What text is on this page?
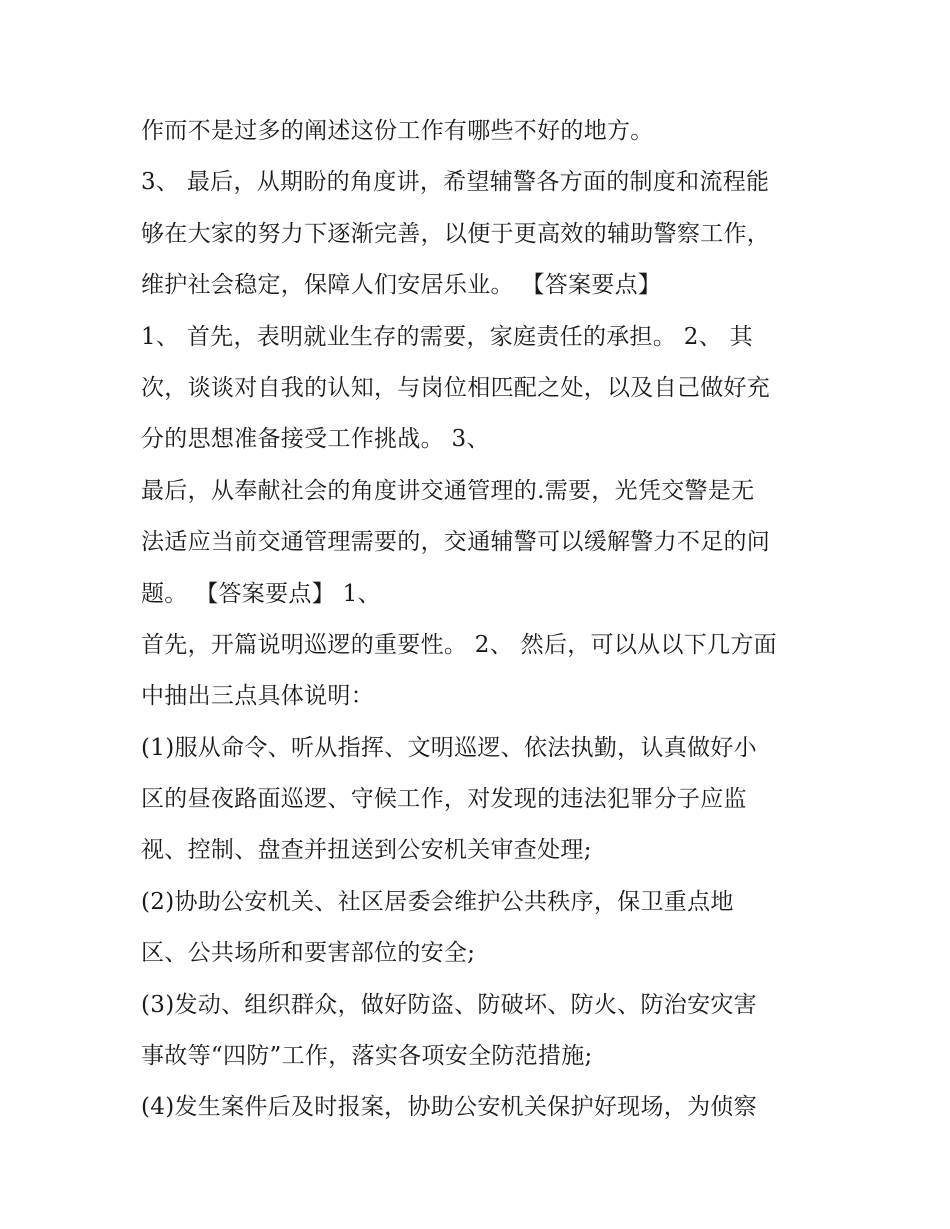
作而不是过多的阐述这份工作有哪些不好的地方。
3、 最后，从期盼的角度讲，希望辅警各方面的制度和流程能
够在大家的努力下逐渐完善，以便于更高效的辅助警察工作，
维护社会稳定，保障人们安居乐业。 【答案要点】
1、 首先，表明就业生存的需要，家庭责任的承担。 2、 其
次，谈谈对自我的认知，与岗位相匹配之处，以及自己做好充
分的思想准备接受工作挑战。 3、
最后，从奉献社会的角度讲交通管理的.需要，光凭交警是无
法适应当前交通管理需要的，交通辅警可以缓解警力不足的问
题。 【答案要点】 1、
首先，开篇说明巡逻的重要性。 2、 然后，可以从以下几方面
中抽出三点具体说明：
(1)服从命令、听从指挥、文明巡逻、依法执勤，认真做好小
区的昼夜路面巡逻、守候工作，对发现的违法犯罪分子应监
视、控制、盘查并扭送到公安机关审查处理;
(2)协助公安机关、社区居委会维护公共秩序，保卫重点地
区、公共场所和要害部位的安全;
(3)发动、组织群众，做好防盗、防破坏、防火、防治安灾害
事故等“四防”工作，落实各项安全防范措施;
(4)发生案件后及时报案，协助公安机关保护好现场，为侦察
